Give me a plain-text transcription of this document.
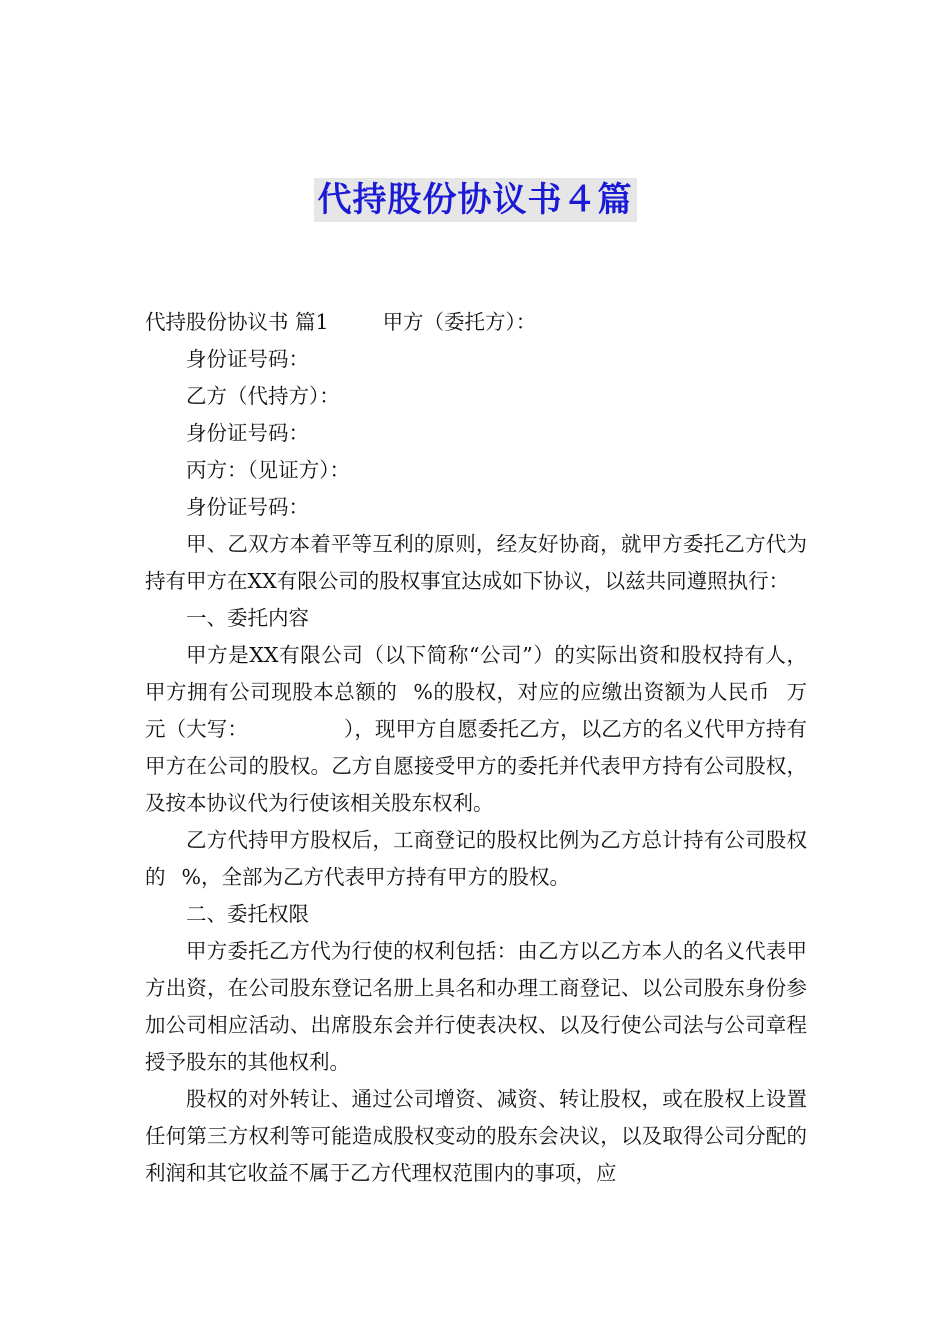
代持股份协议书４篇

代持股份协议书 篇1	甲方（委托方）：

身份证号码：

乙方（代持方）：

身份证号码：

丙方：（见证方）：

身份证号码：

甲、乙双方本着平等互利的原则，经友好协商，就甲方委托乙方代为持有甲方在XX有限公司的股权事宜达成如下协议，以兹共同遵照执行：

一、委托内容

甲方是XX有限公司（以下简称“公司”）的实际出资和股权持有人，甲方拥有公司现股本总额的 %的股权，对应的应缴出资额为人民币 万元（大写：	），现甲方自愿委托乙方，以乙方的名义代甲方持有甲方在公司的股权。乙方自愿接受甲方的委托并代表甲方持有公司股权，及按本协议代为行使该相关股东权利。

乙方代持甲方股权后，工商登记的股权比例为乙方总计持有公司股权的 %，全部为乙方代表甲方持有甲方的股权。

二、委托权限

甲方委托乙方代为行使的权利包括：由乙方以乙方本人的名义代表甲方出资，在公司股东登记名册上具名和办理工商登记、以公司股东身份参加公司相应活动、出席股东会并行使表决权、以及行使公司法与公司章程授予股东的其他权利。

股权的对外转让、通过公司增资、减资、转让股权，或在股权上设置任何第三方权利等可能造成股权变动的股东会决议，以及取得公司分配的利润和其它收益不属于乙方代理权范围内的事项，应
